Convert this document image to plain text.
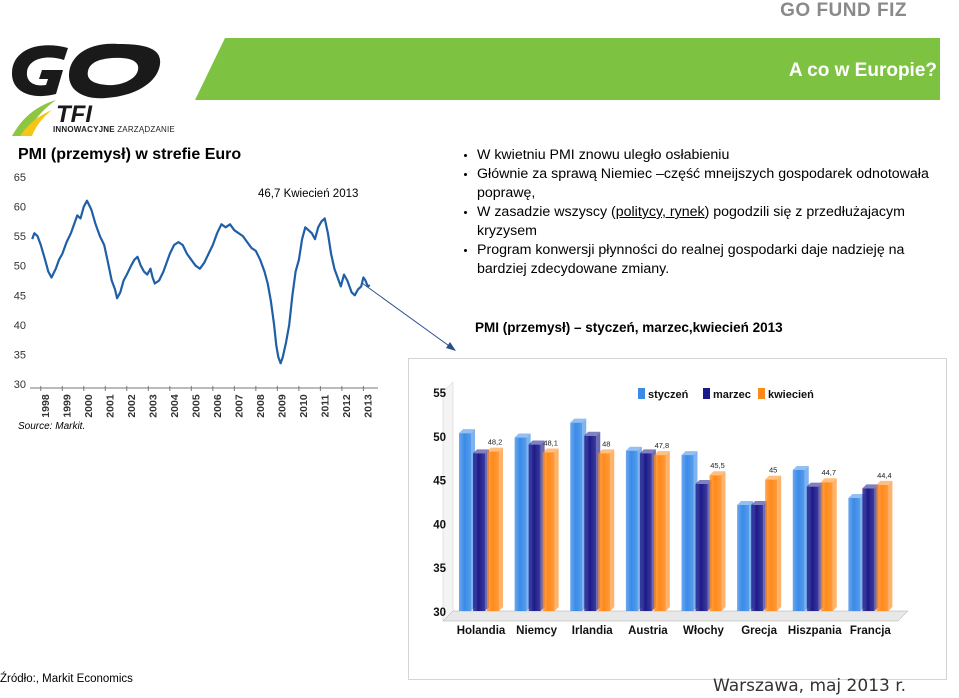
GO FUND FIZ
A co w Europie?
TFI
INNOWACYJNE ZARZĄDZANIE
PMI (przemysł) w strefie Euro
30
35
40
45
50
55
60
65
1998 1999 2000 2001 2002 2003 2004 2005 2006 2007 2008 2009 2010 2011 2012 2013
46,7 Kwiecień 2013
Source: Markit.
• W kwietniu PMI znowu uległo osłabieniu
• Głównie za sprawą Niemiec –część mneijszych gospodarek odnotowała poprawę,
• W zasadzie wszyscy (politycy, rynek) pogodzili się z przedłużajacym kryzysem
• Program konwersji płynności do realnej gospodarki daje nadzieję na bardziej zdecydowane zmiany.
PMI (przemysł) – styczeń, marzec,kwiecień 2013
30
35
40
45
50
55	styczeń marzec kwiecień
48,2
Holandia
48,1
Niemcy
48
Irlandia
47,8
Austria
45,5
Włochy
45
Grecja
44,7
Hiszpania
44,4
Francja
Źródło:, Markit Economics	Warszawa, maj 2013 r.
